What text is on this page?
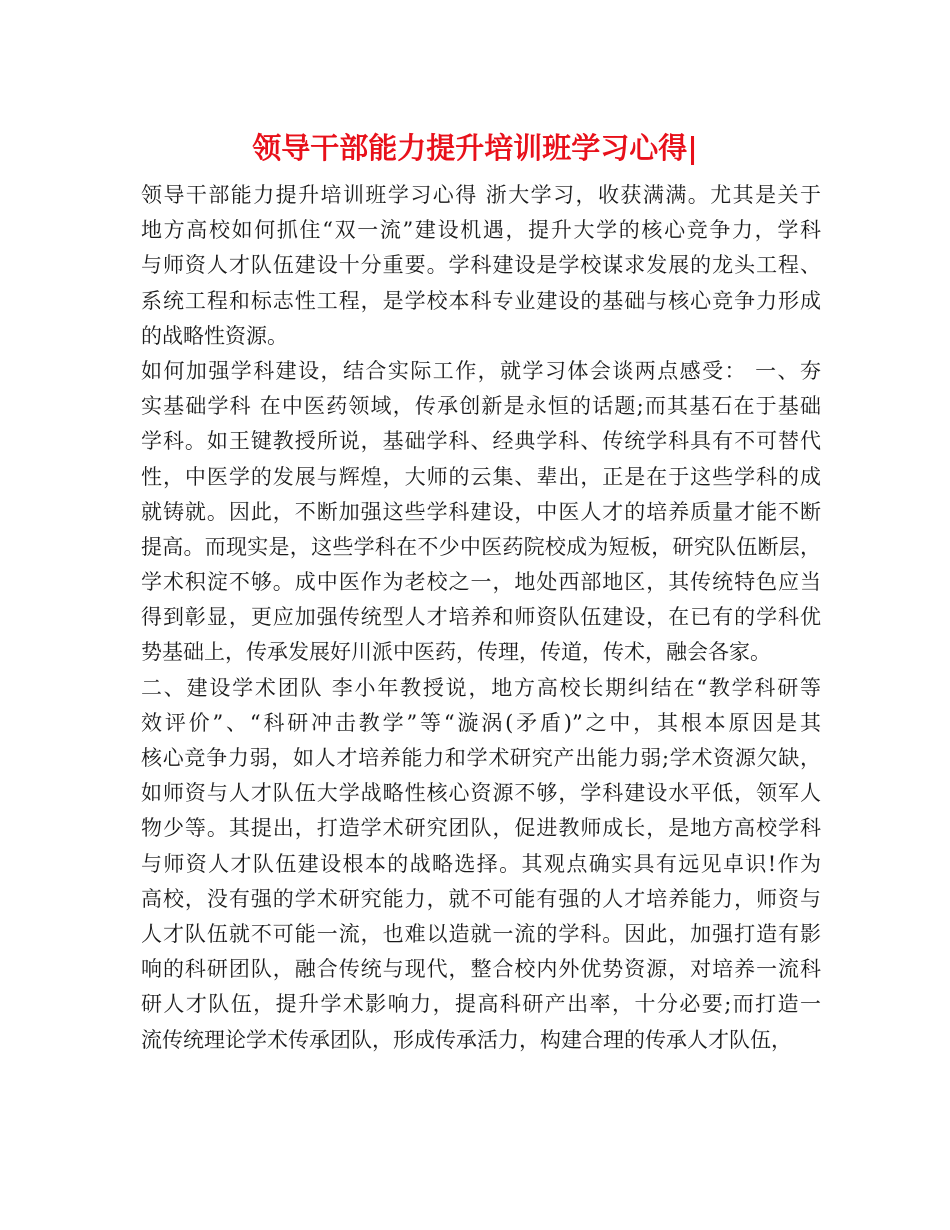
领导干部能力提升培训班学习心得|

领导干部能力提升培训班学习心得 浙大学习，收获满满。尤其是关于
地方高校如何抓住“双一流”建设机遇，提升大学的核心竞争力，学科
与师资人才队伍建设十分重要。学科建设是学校谋求发展的龙头工程、
系统工程和标志性工程，是学校本科专业建设的基础与核心竞争力形成
的战略性资源。

如何加强学科建设，结合实际工作，就学习体会谈两点感受： 一、夯
实基础学科 在中医药领域，传承创新是永恒的话题;而其基石在于基础
学科。如王键教授所说，基础学科、经典学科、传统学科具有不可替代
性，中医学的发展与辉煌，大师的云集、辈出，正是在于这些学科的成
就铸就。因此，不断加强这些学科建设，中医人才的培养质量才能不断
提高。而现实是，这些学科在不少中医药院校成为短板，研究队伍断层，
学术积淀不够。成中医作为老校之一，地处西部地区，其传统特色应当
得到彰显，更应加强传统型人才培养和师资队伍建设，在已有的学科优
势基础上，传承发展好川派中医药，传理，传道，传术，融会各家。

二、建设学术团队 李小年教授说，地方高校长期纠结在“教学科研等
效评价”、“科研冲击教学”等“漩涡(矛盾)”之中，其根本原因是其
核心竞争力弱，如人才培养能力和学术研究产出能力弱;学术资源欠缺，
如师资与人才队伍大学战略性核心资源不够，学科建设水平低，领军人
物少等。其提出，打造学术研究团队，促进教师成长，是地方高校学科
与师资人才队伍建设根本的战略选择。其观点确实具有远见卓识!作为
高校，没有强的学术研究能力，就不可能有强的人才培养能力，师资与
人才队伍就不可能一流，也难以造就一流的学科。因此，加强打造有影
响的科研团队，融合传统与现代，整合校内外优势资源，对培养一流科
研人才队伍，提升学术影响力，提高科研产出率，十分必要;而打造一
流传统理论学术传承团队，形成传承活力，构建合理的传承人才队伍，
